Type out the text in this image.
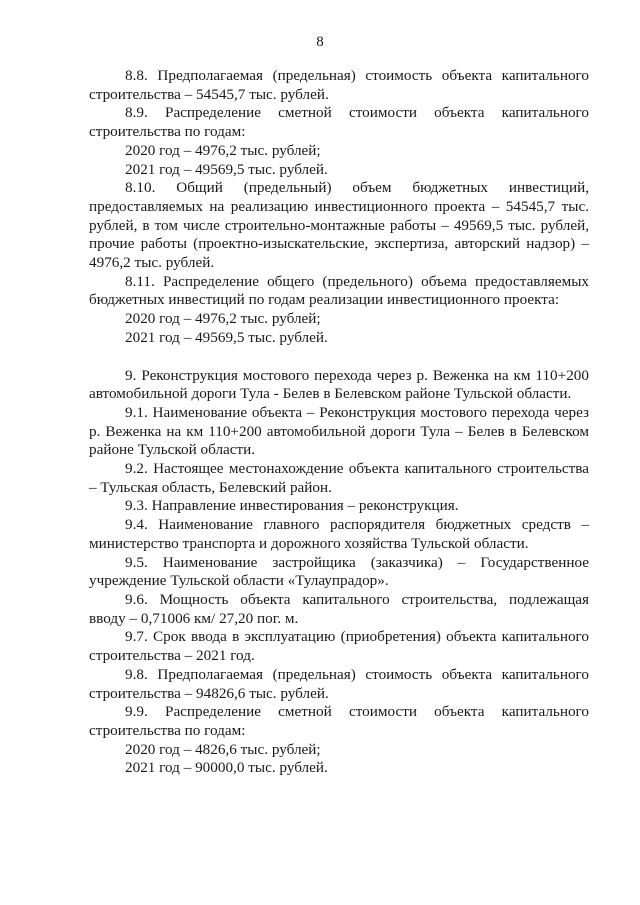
8

8.8. Предполагаемая (предельная) стоимость объекта капитального строительства – 54545,7 тыс. рублей.

8.9. Распределение сметной стоимости объекта капитального строительства по годам:

2020 год – 4976,2 тыс. рублей;

2021 год – 49569,5 тыс. рублей.

8.10. Общий (предельный) объем бюджетных инвестиций, предоставляемых на реализацию инвестиционного проекта – 54545,7 тыс. рублей, в том числе строительно-монтажные работы – 49569,5 тыс. рублей, прочие работы (проектно-изыскательские, экспертиза, авторский надзор) – 4976,2 тыс. рублей.

8.11. Распределение общего (предельного) объема предоставляемых бюджетных инвестиций по годам реализации инвестиционного проекта:

2020 год – 4976,2 тыс. рублей;

2021 год – 49569,5 тыс. рублей.

9. Реконструкция мостового перехода через р. Веженка на км 110+200 автомобильной дороги Тула - Белев в Белевском районе Тульской области.

9.1. Наименование объекта – Реконструкция мостового перехода через р. Веженка на км 110+200 автомобильной дороги Тула – Белев в Белевском районе Тульской области.

9.2. Настоящее местонахождение объекта капитального строительства – Тульская область, Белевский район.

9.3. Направление инвестирования – реконструкция.

9.4. Наименование главного распорядителя бюджетных средств – министерство транспорта и дорожного хозяйства Тульской области.

9.5. Наименование застройщика (заказчика) – Государственное учреждение Тульской области «Тулаупрадор».

9.6. Мощность объекта капитального строительства, подлежащая вводу – 0,71006 км/ 27,20 пог. м.

9.7. Срок ввода в эксплуатацию (приобретения) объекта капитального строительства – 2021 год.

9.8. Предполагаемая (предельная) стоимость объекта капитального строительства – 94826,6 тыс. рублей.

9.9. Распределение сметной стоимости объекта капитального строительства по годам:

2020 год – 4826,6 тыс. рублей;

2021 год – 90000,0 тыс. рублей.
